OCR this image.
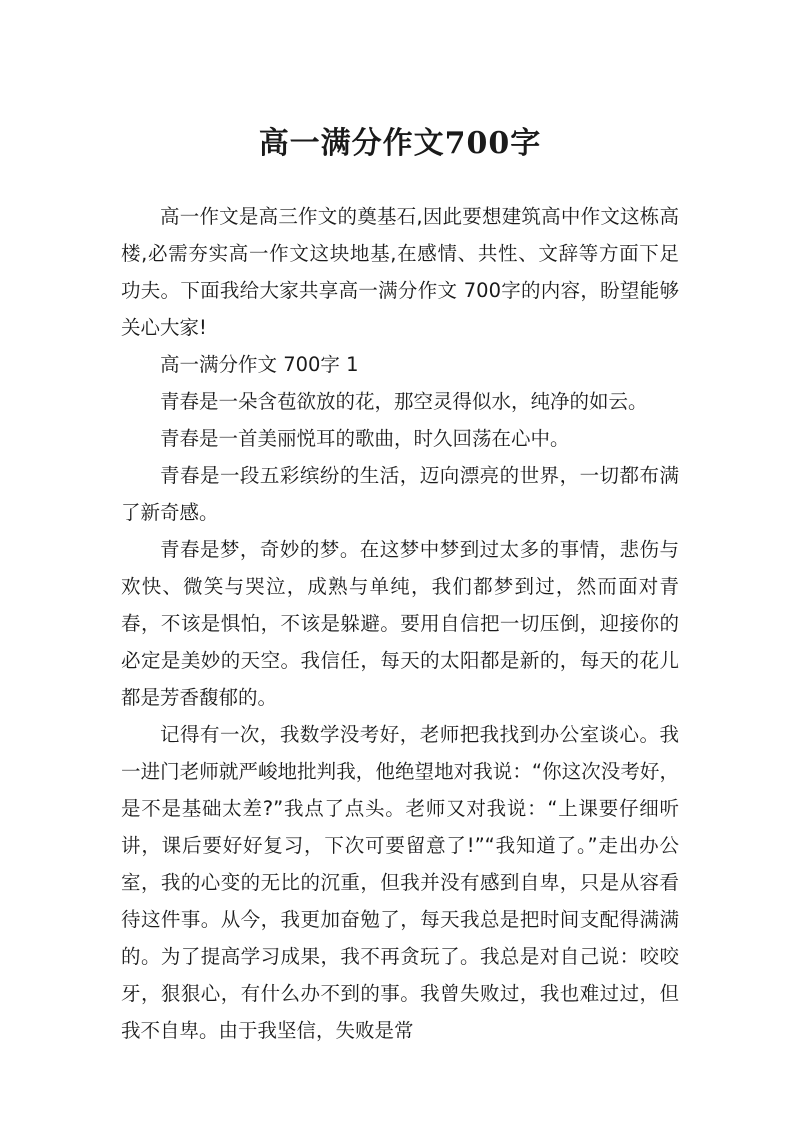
高一满分作文700字

高一作文是高三作文的奠基石,因此要想建筑高中作文这栋高楼,必需夯实高一作文这块地基,在感情、共性、文辞等方面下足功夫。下面我给大家共享高一满分作文 700字的内容，盼望能够关心大家!

高一满分作文 700字 1

青春是一朵含苞欲放的花，那空灵得似水，纯净的如云。

青春是一首美丽悦耳的歌曲，时久回荡在心中。

青春是一段五彩缤纷的生活，迈向漂亮的世界，一切都布满了新奇感。

青春是梦，奇妙的梦。在这梦中梦到过太多的事情，悲伤与欢快、微笑与哭泣，成熟与单纯，我们都梦到过，然而面对青春，不该是惧怕，不该是躲避。要用自信把一切压倒，迎接你的必定是美妙的天空。我信任，每天的太阳都是新的，每天的花儿都是芳香馥郁的。

记得有一次，我数学没考好，老师把我找到办公室谈心。我一进门老师就严峻地批判我，他绝望地对我说：“你这次没考好，是不是基础太差?”我点了点头。老师又对我说：“上课要仔细听讲，课后要好好复习，下次可要留意了!”“我知道了。”走出办公室，我的心变的无比的沉重，但我并没有感到自卑，只是从容看待这件事。从今，我更加奋勉了，每天我总是把时间支配得满满的。为了提高学习成果，我不再贪玩了。我总是对自己说：咬咬牙，狠狠心，有什么办不到的事。我曾失败过，我也难过过，但我不自卑。由于我坚信，失败是常
